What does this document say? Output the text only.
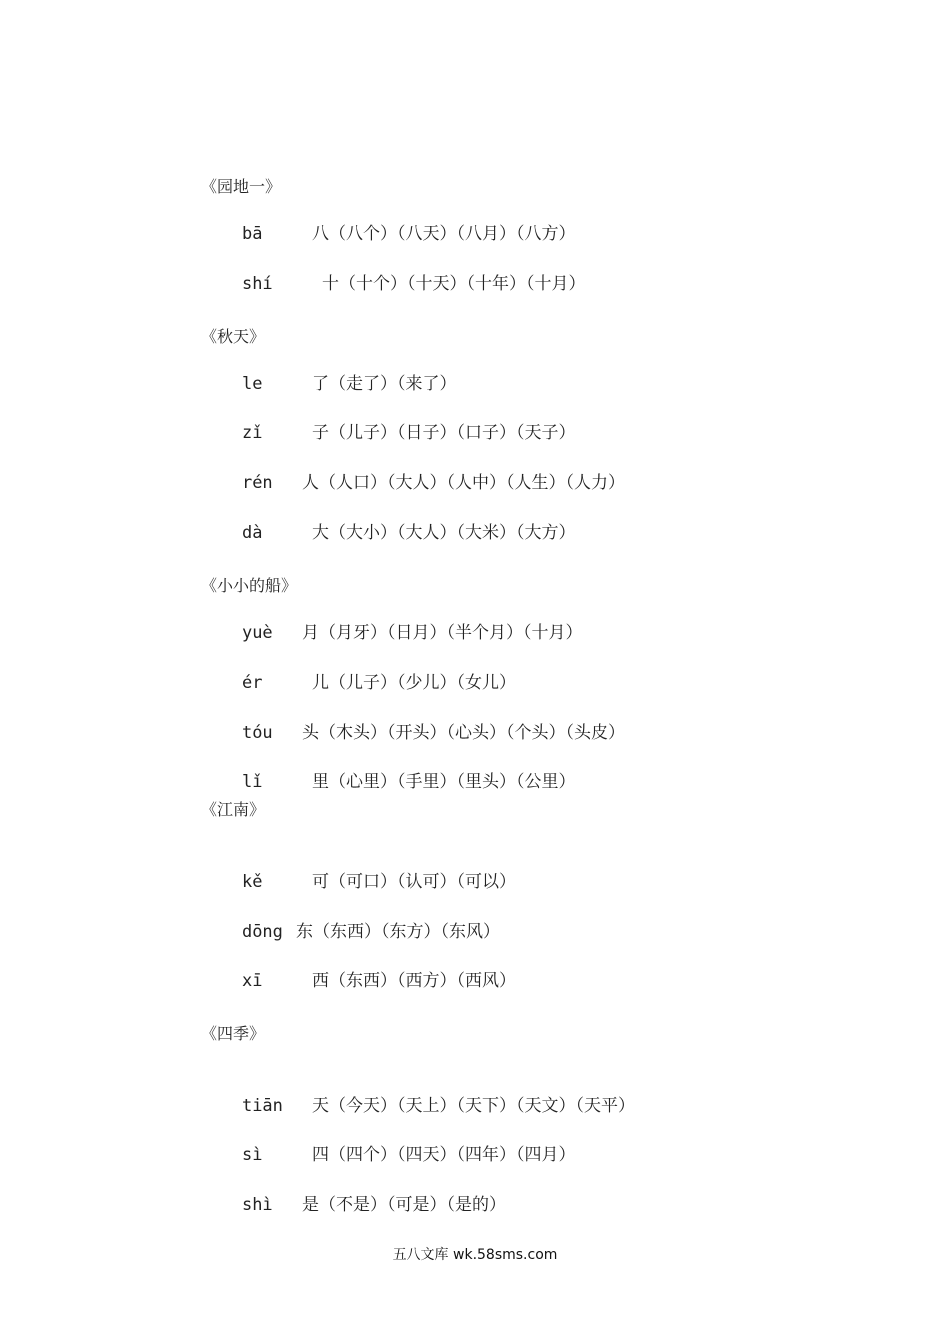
《园地一》

bā	八（八个）（八天）（八月）（八方）

shí	十（十个）（十天）（十年）（十月）

《秋天》

le	了（走了）（来了）

zǐ	子（儿子）（日子）（口子）（天子）

rén 人（人口）（大人）（人中）（人生）（人力）

dà	大（大小）（大人）（大米）（大方）

《小小的船》

yuè 月（月牙）（日月）（半个月）（十月）

ér	儿（儿子）（少儿）（女儿）

tóu 头（木头）（开头）（心头）（个头）（头皮）

lǐ	里（心里）（手里）（里头）（公里）

《江南》

kě	可（可口）（认可）（可以）

dōng 东（东西）（东方）（东风）

xī	西（东西）（西方）（西风）

《四季》

tiān 天（今天）（天上）（天下）（天文）（天平）

sì	四（四个）（四天）（四年）（四月）

shì 是（不是）（可是）（是的）

五八文库 wk.58sms.com
